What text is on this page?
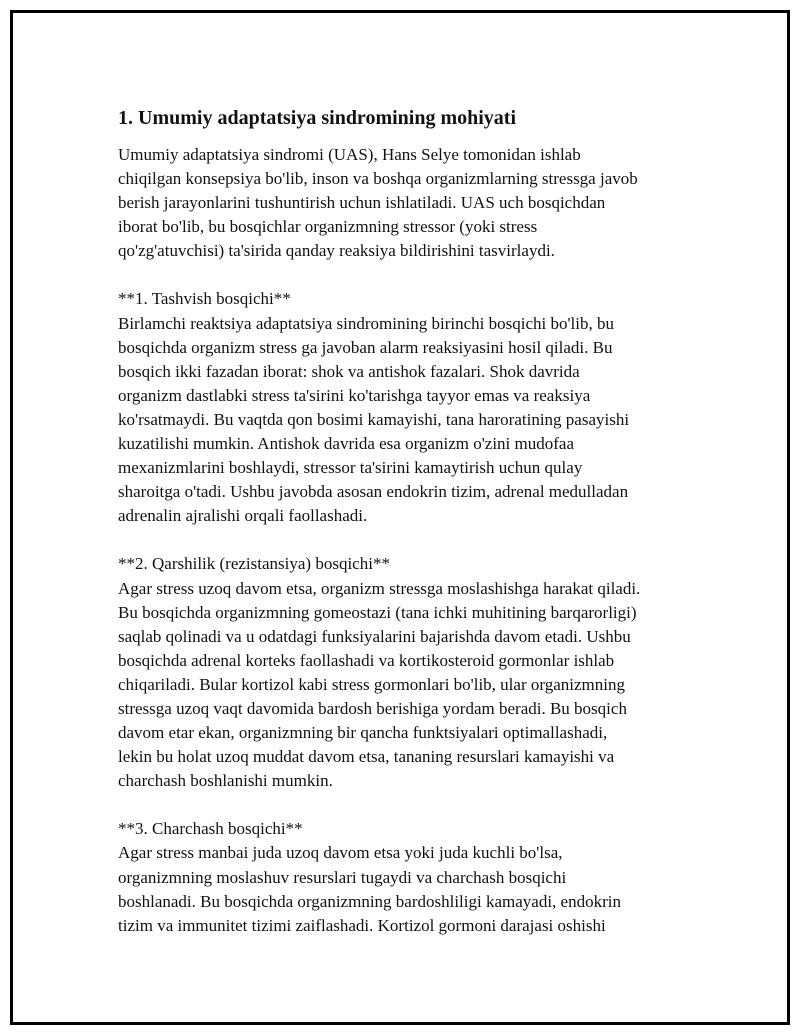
1. Umumiy adaptatsiya sindromining mohiyati
Umumiy adaptatsiya sindromi (UAS), Hans Selye tomonidan ishlab
chiqilgan konsepsiya bo'lib, inson va boshqa organizmlarning stressga javob
berish jarayonlarini tushuntirish uchun ishlatiladi. UAS uch bosqichdan
iborat bo'lib, bu bosqichlar organizmning stressor (yoki stress
qo'zg'atuvchisi) ta'sirida qanday reaksiya bildirishini tasvirlaydi.
**1. Tashvish bosqichi**
Birlamchi reaktsiya adaptatsiya sindromining birinchi bosqichi bo'lib, bu
bosqichda organizm stress ga javoban alarm reaksiyasini hosil qiladi. Bu
bosqich ikki fazadan iborat: shok va antishok fazalari. Shok davrida
organizm dastlabki stress ta'sirini ko'tarishga tayyor emas va reaksiya
ko'rsatmaydi. Bu vaqtda qon bosimi kamayishi, tana haroratining pasayishi
kuzatilishi mumkin. Antishok davrida esa organizm o'zini mudofaa
mexanizmlarini boshlaydi, stressor ta'sirini kamaytirish uchun qulay
sharoitga o'tadi. Ushbu javobda asosan endokrin tizim, adrenal medulladan
adrenalin ajralishi orqali faollashadi.
**2. Qarshilik (rezistansiya) bosqichi**
Agar stress uzoq davom etsa, organizm stressga moslashishga harakat qiladi.
Bu bosqichda organizmning gomeostazi (tana ichki muhitining barqarorligi)
saqlab qolinadi va u odatdagi funksiyalarini bajarishda davom etadi. Ushbu
bosqichda adrenal korteks faollashadi va kortikosteroid gormonlar ishlab
chiqariladi. Bular kortizol kabi stress gormonlari bo'lib, ular organizmning
stressga uzoq vaqt davomida bardosh berishiga yordam beradi. Bu bosqich
davom etar ekan, organizmning bir qancha funktsiyalari optimallashadi,
lekin bu holat uzoq muddat davom etsa, tananing resurslari kamayishi va
charchash boshlanishi mumkin.
**3. Charchash bosqichi**
Agar stress manbai juda uzoq davom etsa yoki juda kuchli bo'lsa,
organizmning moslashuv resurslari tugaydi va charchash bosqichi
boshlanadi. Bu bosqichda organizmning bardoshliligi kamayadi, endokrin
tizim va immunitet tizimi zaiflashadi. Kortizol gormoni darajasi oshishi
